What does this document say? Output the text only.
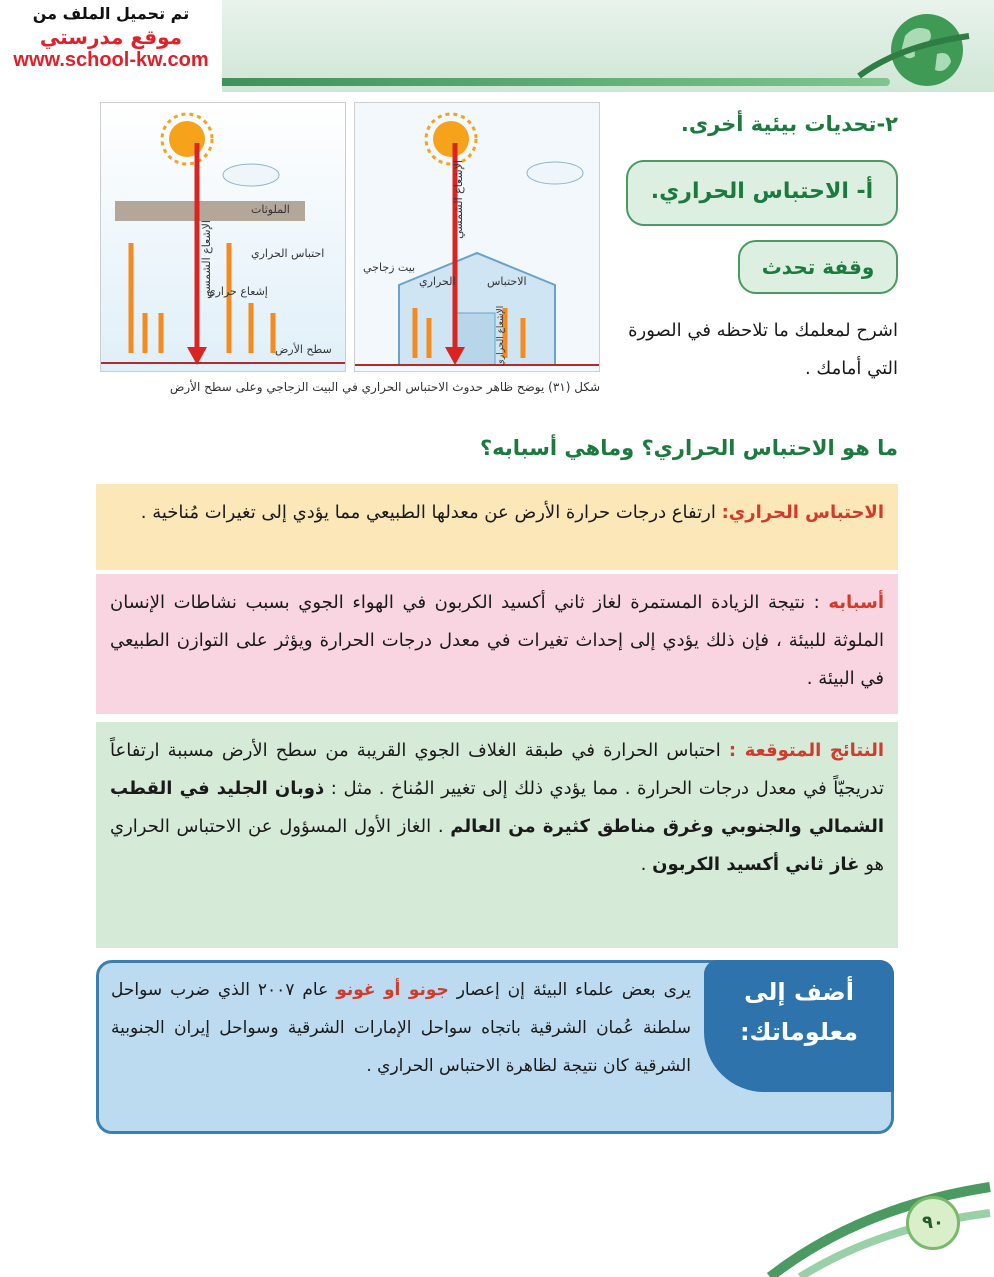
تم تحميل الملف من
موقع مدرستي
www.school-kw.com
الملوثات
الإشعاع الشمسي	احتباس الحراري
إشعاع حراري
سطح الأرض
الإشعاع الشمسي
بيت زجاجي
الحراري	الاحتباس
الإشعاع الحراري
شكل (٣١) يوضح ظاهر حدوث الاحتباس الحراري في البيت الزجاجي وعلى سطح الأرض
٢-تحديات بيئية أخرى.
أ- الاحتباس الحراري.
وقفة تحدث
اشرح لمعلمك ما تلاحظه في الصورة التي أمامك .
ما هو الاحتباس الحراري؟ وماهي أسبابه؟
الاحتباس الحراري: ارتفاع درجات حرارة الأرض عن معدلها الطبيعي مما يؤدي إلى تغيرات مُناخية .
أسبابه : نتيجة الزيادة المستمرة لغاز ثاني أكسيد الكربون في الهواء الجوي بسبب نشاطات الإنسان الملوثة للبيئة ، فإن ذلك يؤدي إلى إحداث تغيرات في معدل درجات الحرارة ويؤثر على التوازن الطبيعي في البيئة .
النتائج المتوقعة : احتباس الحرارة في طبقة الغلاف الجوي القريبة من سطح الأرض مسببة ارتفاعاً تدريجيّاً في معدل درجات الحرارة . مما يؤدي ذلك إلى تغيير المُناخ . مثل : ذوبان الجليد في القطب الشمالي والجنوبي وغرق مناطق كثيرة من العالم . الغاز الأول المسؤول عن الاحتباس الحراري هو غاز ثاني أكسيد الكربون .
أضف إلى
معلوماتك:
يرى بعض علماء البيئة إن إعصار جونو أو غونو عام ٢٠٠٧ الذي ضرب سواحل سلطنة عُمان الشرقية باتجاه سواحل الإمارات الشرقية وسواحل إيران الجنوبية الشرقية كان نتيجة لظاهرة الاحتباس الحراري .
٩٠
